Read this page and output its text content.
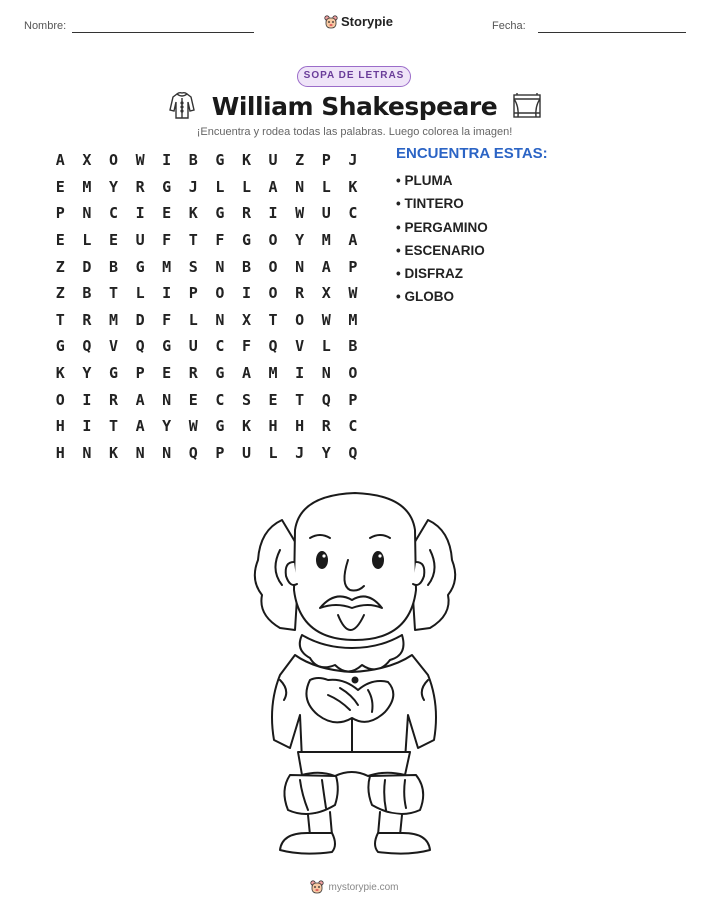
Nombre:	Storypie	Fecha:
SOPA DE LETRAS
William Shakespeare
¡Encuentra y rodea todas las palabras. Luego colorea la imagen!
A	X	O	W	I	B	G	K	U	Z	P	J
E	M	Y	R	G	J	L	L	A	N	L	K
P	N	C	I	E	K	G	R	I	W	U	C
E	L	E	U	F	T	F	G	O	Y	M	A
Z	D	B	G	M	S	N	B	O	N	A	P
Z	B	T	L	I	P	O	I	O	R	X	W
T	R	M	D	F	L	N	X	T	O	W	M
G	Q	V	Q	G	U	C	F	Q	V	L	B
K	Y	G	P	E	R	G	A	M	I	N	O
O	I	R	A	N	E	C	S	E	T	Q	P
H	I	T	A	Y	W	G	K	H	H	R	C
H	N	K	N	N	Q	P	U	L	J	Y	Q
ENCUENTRA ESTAS:
• PLUMA
• TINTERO
• PERGAMINO
• ESCENARIO
• DISFRAZ
• GLOBO
mystorypie.com
